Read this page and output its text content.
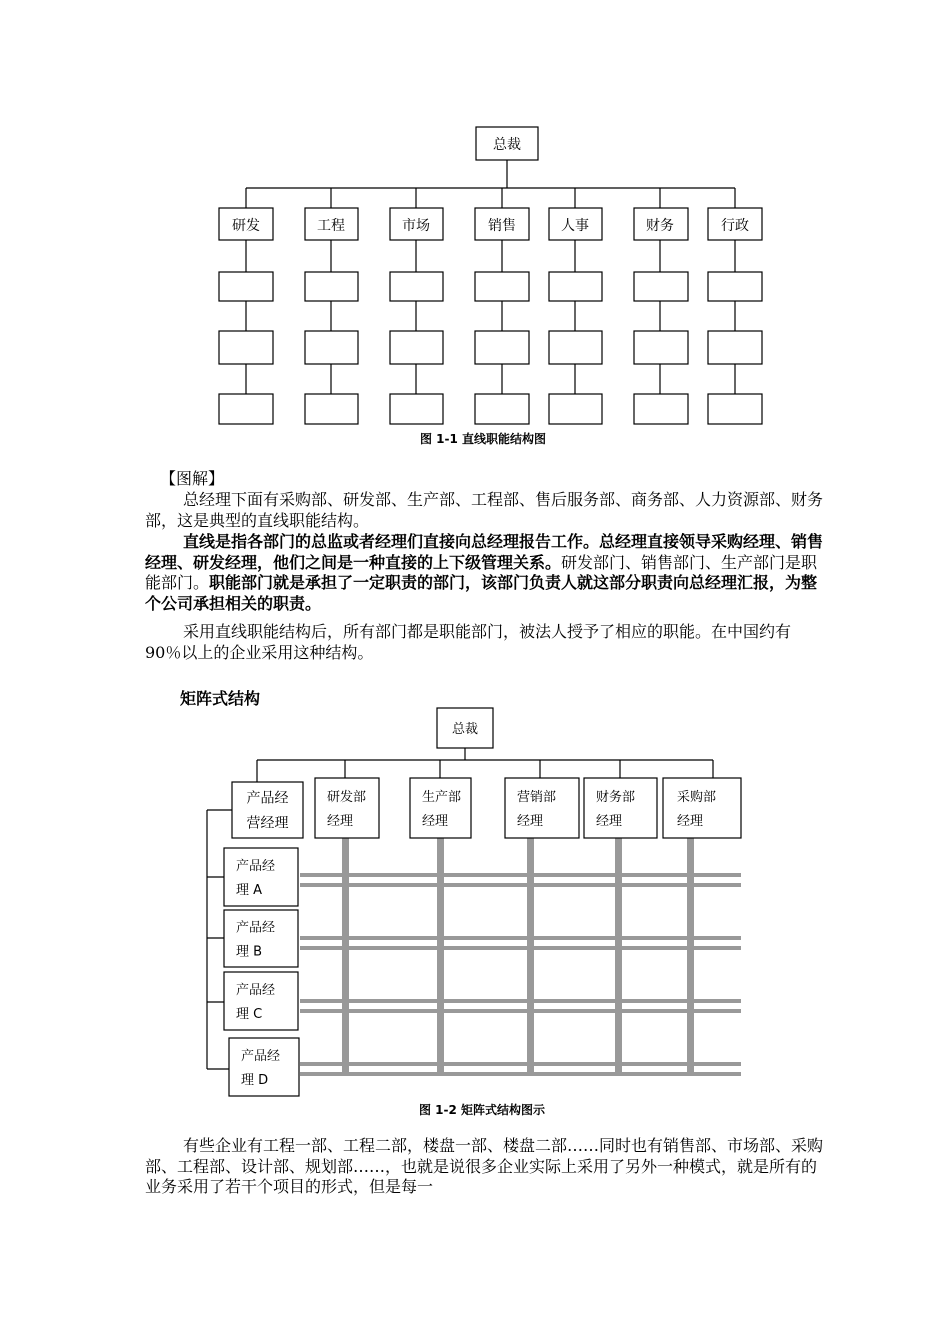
研发	工程	市场	销售	人事	财务	行政
总裁
图 1-1 直线职能结构图
【图解】

总经理下面有采购部、研发部、生产部、工程部、售后服务部、商务部、人力资源部、财务部，这是典型的直线职能结构。

直线是指各部门的总监或者经理们直接向总经理报告工作。总经理直接领导采购经理、销售经理、研发经理，他们之间是一种直接的上下级管理关系。研发部门、销售部门、生产部门是职能部门。职能部门就是承担了一定职责的部门，该部门负责人就这部分职责向总经理汇报，为整个公司承担相关的职责。

采用直线职能结构后，所有部门都是职能部门，被法人授予了相应的职能。在中国约有 90％以上的企业采用这种结构。

矩阵式结构
产品经
营经理
研发部
经理
生产部
经理
营销部
经理
财务部
经理
采购部
经理
产品经
理 A
产品经
理 B
产品经
理 C
产品经
理 D
总裁
图 1-2 矩阵式结构图示

有些企业有工程一部、工程二部，楼盘一部、楼盘二部……同时也有销售部、市场部、采购部、工程部、设计部、规划部……，也就是说很多企业实际上采用了另外一种模式，就是所有的业务采用了若干个项目的形式，但是每一
